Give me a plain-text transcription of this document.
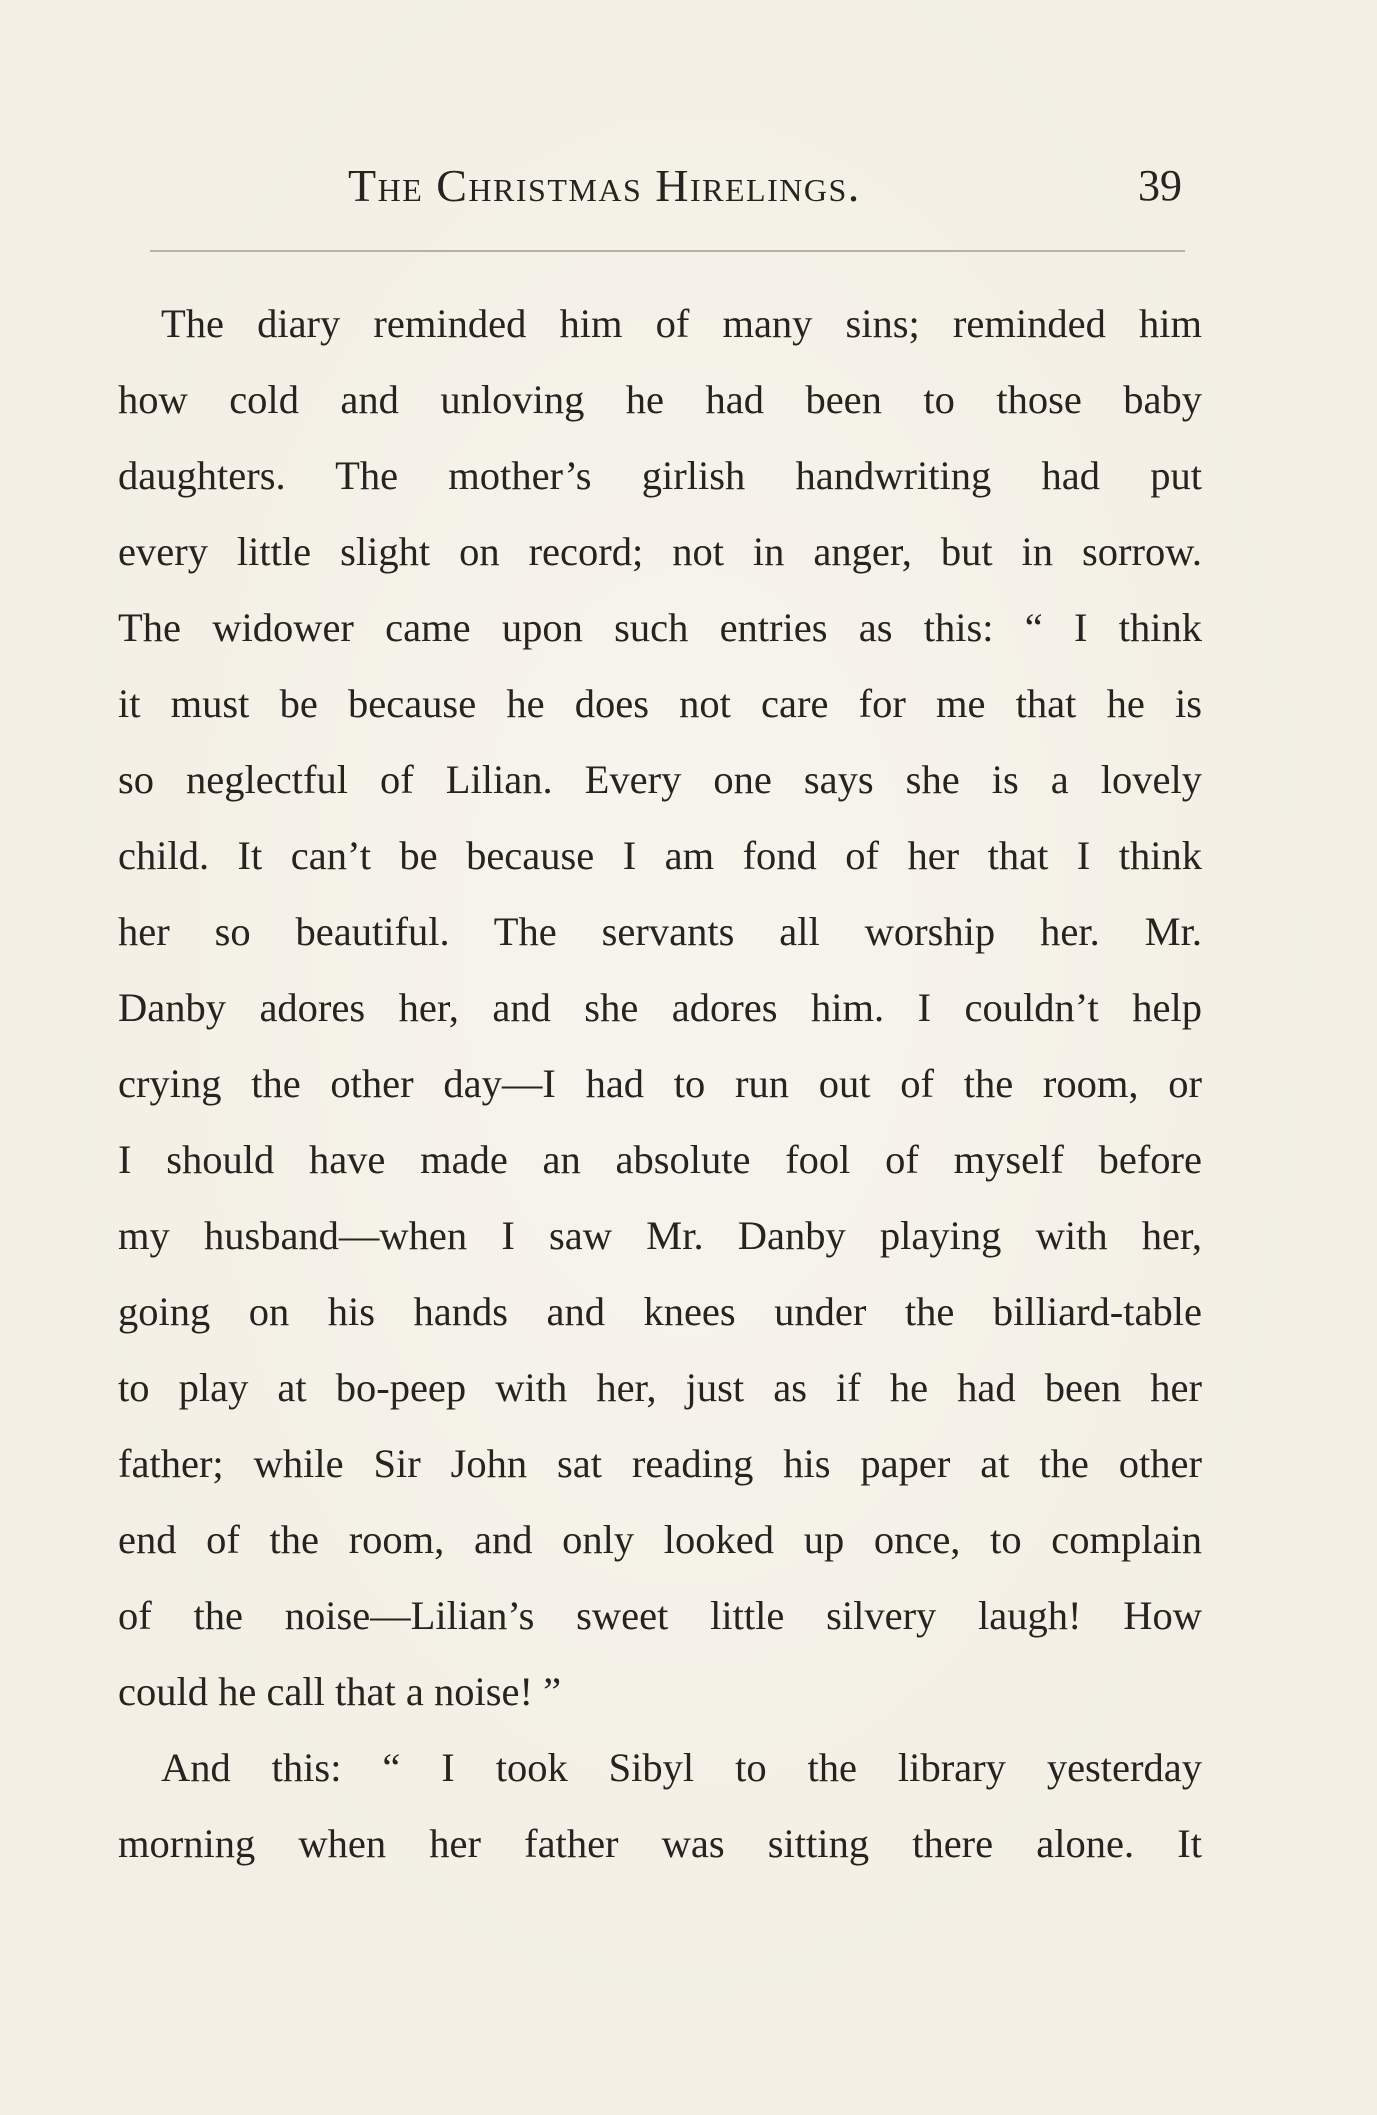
The Christmas Hirelings.	39
The diary reminded him of many sins; reminded him
how cold and unloving he had been to those baby
daughters. The mother’s girlish handwriting had put
every little slight on record; not in anger, but in sorrow.
The widower came upon such entries as this: “ I think
it must be because he does not care for me that he is
so neglectful of Lilian. Every one says she is a lovely
child. It can’t be because I am fond of her that I think
her so beautiful. The servants all worship her. Mr.
Danby adores her, and she adores him. I couldn’t help
crying the other day—I had to run out of the room, or
I should have made an absolute fool of myself before
my husband—when I saw Mr. Danby playing with her,
going on his hands and knees under the billiard-table
to play at bo-peep with her, just as if he had been her
father; while Sir John sat reading his paper at the other
end of the room, and only looked up once, to complain
of the noise—Lilian’s sweet little silvery laugh! How
could he call that a noise! ”
And this: “ I took Sibyl to the library yesterday
morning when her father was sitting there alone. It
